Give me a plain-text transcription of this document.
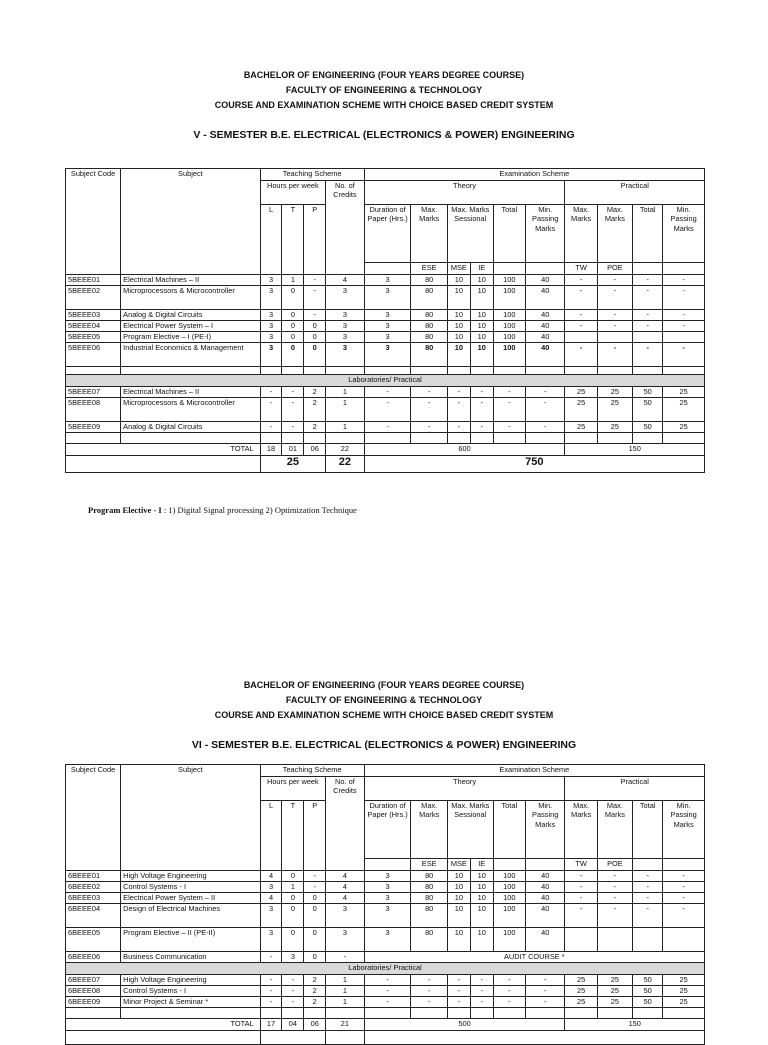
BACHELOR OF ENGINEERING (FOUR YEARS DEGREE COURSE)
FACULTY OF ENGINEERING & TECHNOLOGY
COURSE AND EXAMINATION SCHEME WITH CHOICE BASED CREDIT SYSTEM
V - SEMESTER B.E. ELECTRICAL (ELECTRONICS & POWER) ENGINEERING
Subject Code	Subject	Teaching Scheme				Examination Scheme									
		Hours per week			No. of Credits	Theory						Practical			
		L	T	P		Duration of Paper (Hrs.)	Max. Marks	Max. Marks Sessional		Total	Min. Passing Marks	Max. Marks	Max. Marks	Total	Min. Passing Marks
							ESE	MSE	IE			TW	POE		
5BEEE01	Electrical Machines – II	3	1	-	4	3	80	10	10	100	40	-	-	-	-
5BEEE02	Microprocessors & Microcontroller	3	0	-	3	3	80	10	10	100	40	-	-	-	-
5BEEE03	Analog & Digital Circuits	3	0	-	3	3	80	10	10	100	40	-	-	-	-
5BEEE04	Electrical Power System – I	3	0	0	3	3	80	10	10	100	40	-	-	-	-
5BEEE05	Program Elective – I (PE-I)	3	0	0	3	3	80	10	10	100	40				
5BEEE06	Industrial Economics & Management	3	0	0	3	3	80	10	10	100	40	-	-	-	-

Laboratories/ Practical															
5BEEE07	Electrical Machines – II	-	-	2	1	-	-	-	-	-	-	25	25	50	25
5BEEE08	Microprocessors & Microcontroller	-	-	2	1	-	-	-	-	-	-	25	25	50	25
5BEEE09	Analog & Digital Circuits	-	-	2	1	-	-	-	-	-	-	25	25	50	25

TOTAL		18	01	06	22	600						150			
		25			22	750									
Program Elective - I : 1) Digital Signal processing 2) Optimization Technique
BACHELOR OF ENGINEERING (FOUR YEARS DEGREE COURSE)
FACULTY OF ENGINEERING & TECHNOLOGY
COURSE AND EXAMINATION SCHEME WITH CHOICE BASED CREDIT SYSTEM
VI - SEMESTER B.E. ELECTRICAL (ELECTRONICS & POWER) ENGINEERING
Subject Code	Subject	Teaching Scheme				Examination Scheme									
		Hours per week			No. of Credits	Theory						Practical			
		L	T	P		Duration of Paper (Hrs.)	Max. Marks	Max. Marks Sessional		Total	Min. Passing Marks	Max. Marks	Max. Marks	Total	Min. Passing Marks
							ESE	MSE	IE			TW	POE		
6BEEE01	High Voltage Engineering	4	0	-	4	3	80	10	10	100	40	-	-	-	-
6BEEE02	Control Systems - I	3	1	-	4	3	80	10	10	100	40	-	-	-	-
6BEEE03	Electrical Power System – II	4	0	0	4	3	80	10	10	100	40	-	-	-	-
6BEEE04	Design of Electrical Machines	3	0	0	3	3	80	10	10	100	40	-	-	-	-
6BEEE05	Program Elective – II (PE-II)	3	0	0	3	3	80	10	10	100	40				
6BEEE06	Business Communication	-	3	0	-	AUDIT COURSE *									
Laboratories/ Practical															
6BEEE07	High Voltage Engineering	-	-	2	1	-	-	-	-	-	-	25	25	50	25
6BEEE08	Control Systems - I	-	-	2	1	-	-	-	-	-	-	25	25	50	25
6BEEE09	Minor Project & Seminar *	-	-	2	1	-	-	-	-	-	-	25	25	50	25

TOTAL		17	04	06	21	500						150			
